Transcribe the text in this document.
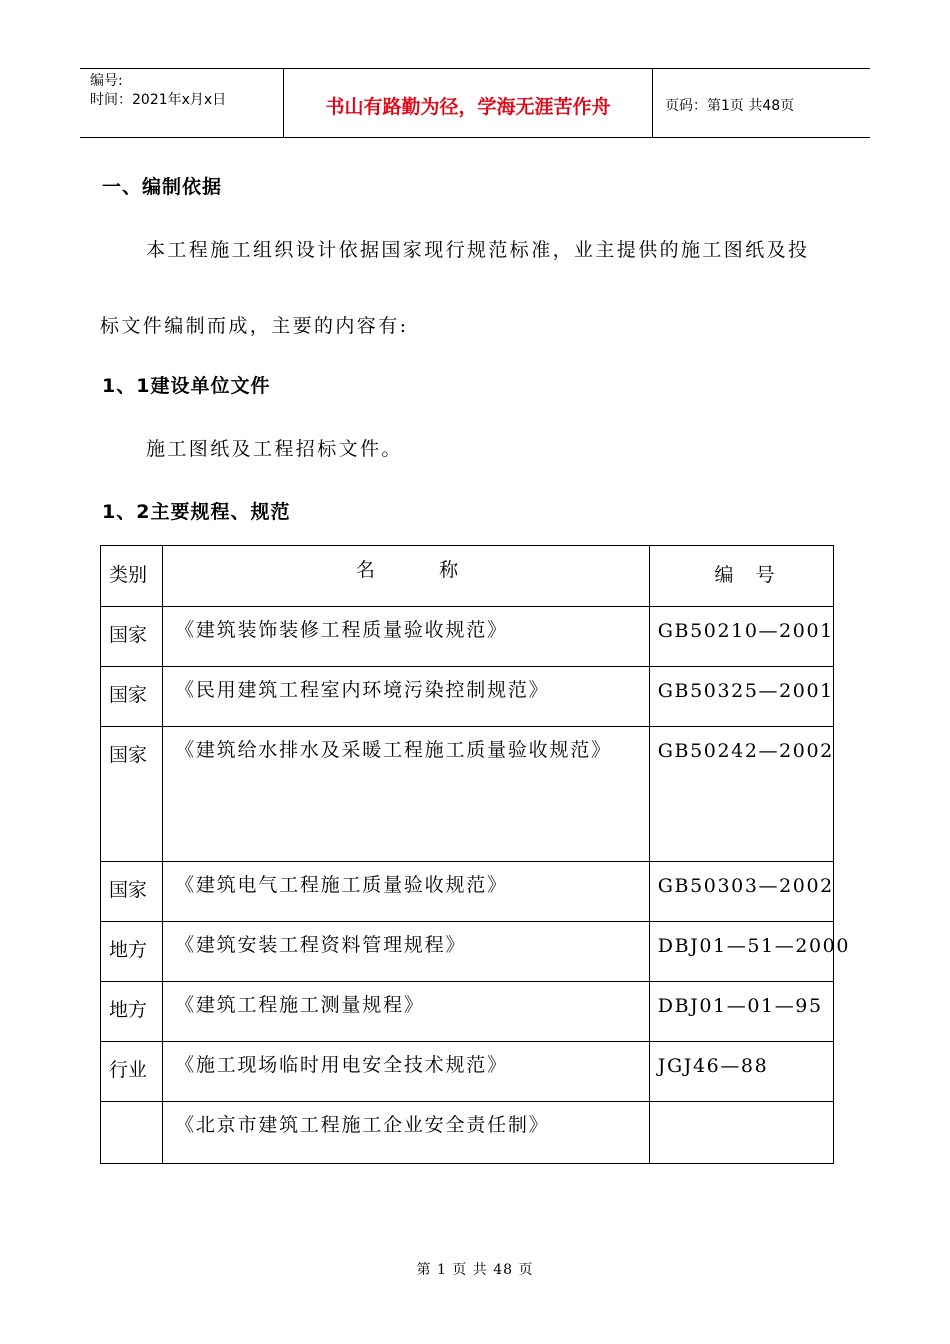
编号:
时间：2021年x月x日	书山有路勤为径，学海无涯苦作舟	页码：第1页 共48页
一、编制依据
本工程施工组织设计依据国家现行规范标准，业主提供的施工图纸及投
标文件编制而成，主要的内容有:
1、1建设单位文件
施工图纸及工程招标文件。
1、2主要规程、规范
类别	名　　　称	编　号
国家	《建筑装饰装修工程质量验收规范》	GB50210—2001
国家	《民用建筑工程室内环境污染控制规范》	GB50325—2001
国家	《建筑给水排水及采暖工程施工质量验收规范》	GB50242—2002
国家	《建筑电气工程施工质量验收规范》	GB50303—2002
地方	《建筑安装工程资料管理规程》	DBJ01—51—2000
地方	《建筑工程施工测量规程》	DBJ01—01—95
行业	《施工现场临时用电安全技术规范》	JGJ46—88

	《北京市建筑工程施工企业安全责任制》	

第 1 页 共 48 页
